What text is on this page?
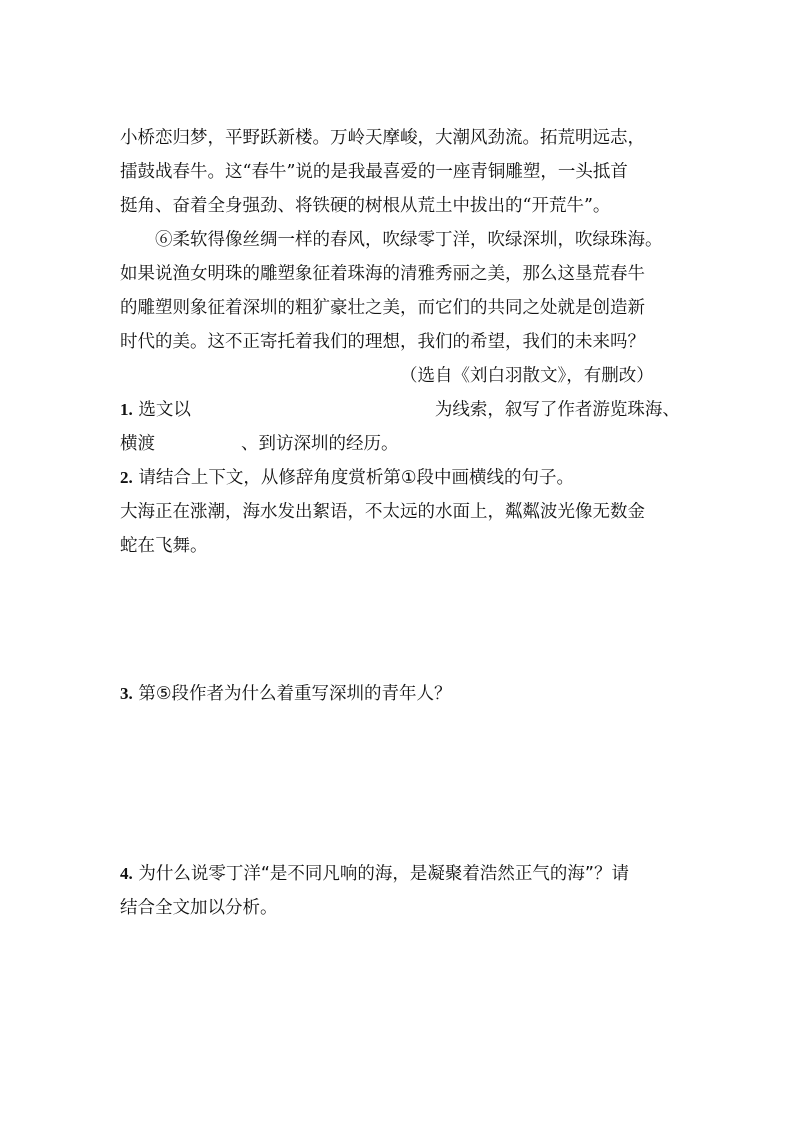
小桥恋归梦，平野跃新楼。万岭天摩峻，大潮风劲流。拓荒明远志，
擂鼓战春牛。这“春牛”说的是我最喜爱的一座青铜雕塑，一头抵首
挺角、奋着全身强劲、将铁硬的树根从荒土中拔出的“开荒牛”。
⑥柔软得像丝绸一样的春风，吹绿零丁洋，吹绿深圳，吹绿珠海。
如果说渔女明珠的雕塑象征着珠海的清雅秀丽之美，那么这垦荒春牛
的雕塑则象征着深圳的粗犷豪壮之美，而它们的共同之处就是创造新
时代的美。这不正寄托着我们的理想，我们的希望，我们的未来吗？
（选自《刘白羽散文》，有删改）
1. 选文以	为线索，叙写了作者游览珠海、
横渡	、到访深圳的经历。
2. 请结合上下文，从修辞角度赏析第①段中画横线的句子。
大海正在涨潮，海水发出絮语，不太远的水面上，粼粼波光像无数金
蛇在飞舞。
3. 第⑤段作者为什么着重写深圳的青年人？
4. 为什么说零丁洋“是不同凡响的海，是凝聚着浩然正气的海”？请
结合全文加以分析。
